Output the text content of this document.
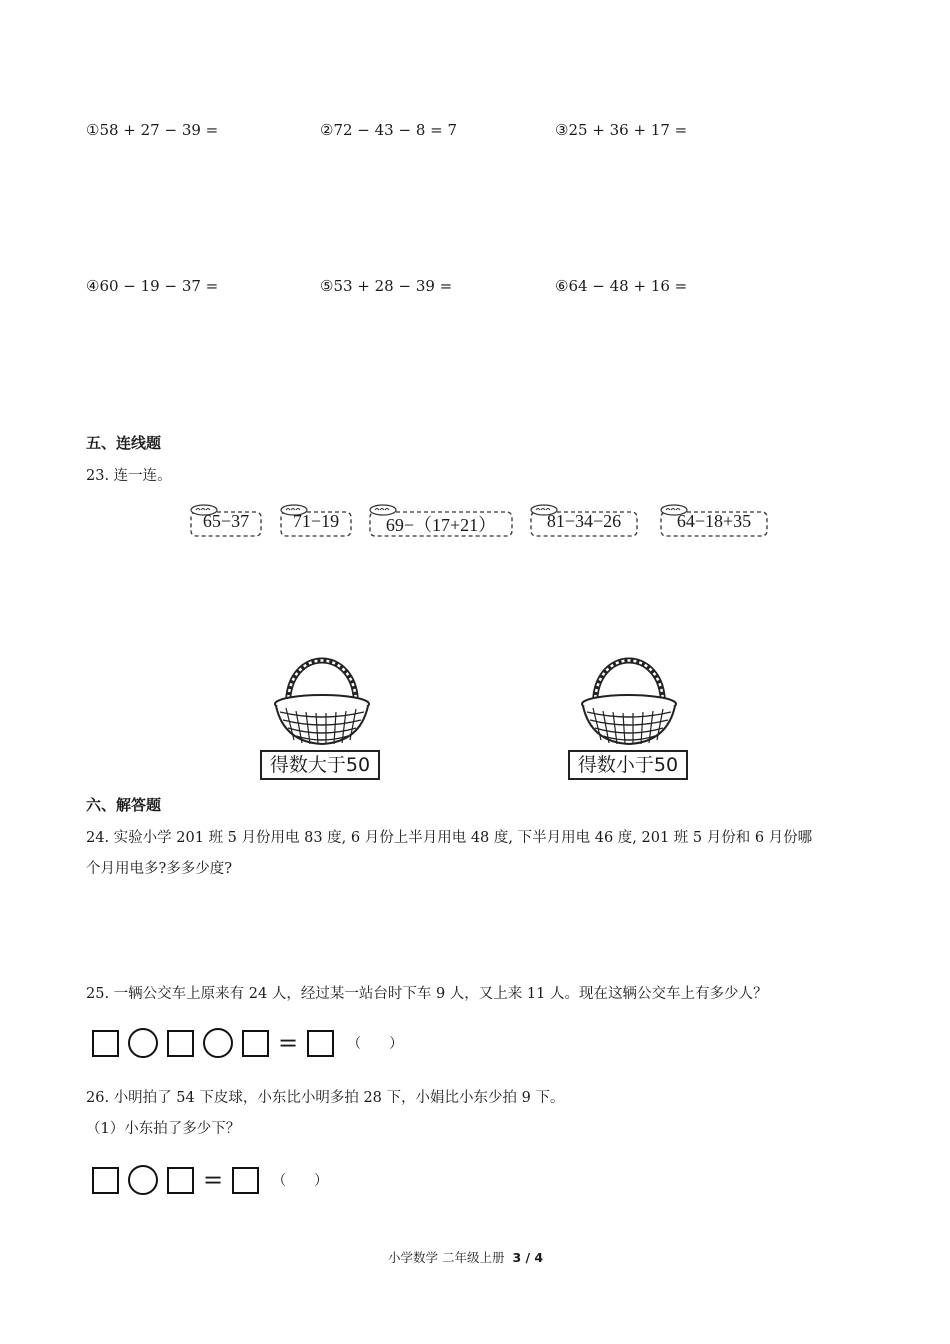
①58 + 27 − 39 =	②72 − 43 − 8 = 7	③25 + 36 + 17 =
④60 − 19 − 37 =	⑤53 + 28 − 39 =	⑥64 − 48 + 16 =
五、连线题
23. 连一连。
65−37	71−19	69−（17+21）	81−34−26	64−18+35
得数大于50	得数小于50
六、解答题
24. 实验小学 201 班 5 月份用电 83 度, 6 月份上半月用电 48 度, 下半月用电 46 度, 201 班 5 月份和 6 月份哪
个月用电多?多多少度?
25. 一辆公交车上原来有 24 人，经过某一站台时下车 9 人，又上来 11 人。现在这辆公交车上有多少人？
=	（　　）
26. 小明拍了 54 下皮球，小东比小明多拍 28 下，小娟比小东少拍 9 下。
（1）小东拍了多少下？
=	（　　）
小学数学 二年级上册 3 / 4
